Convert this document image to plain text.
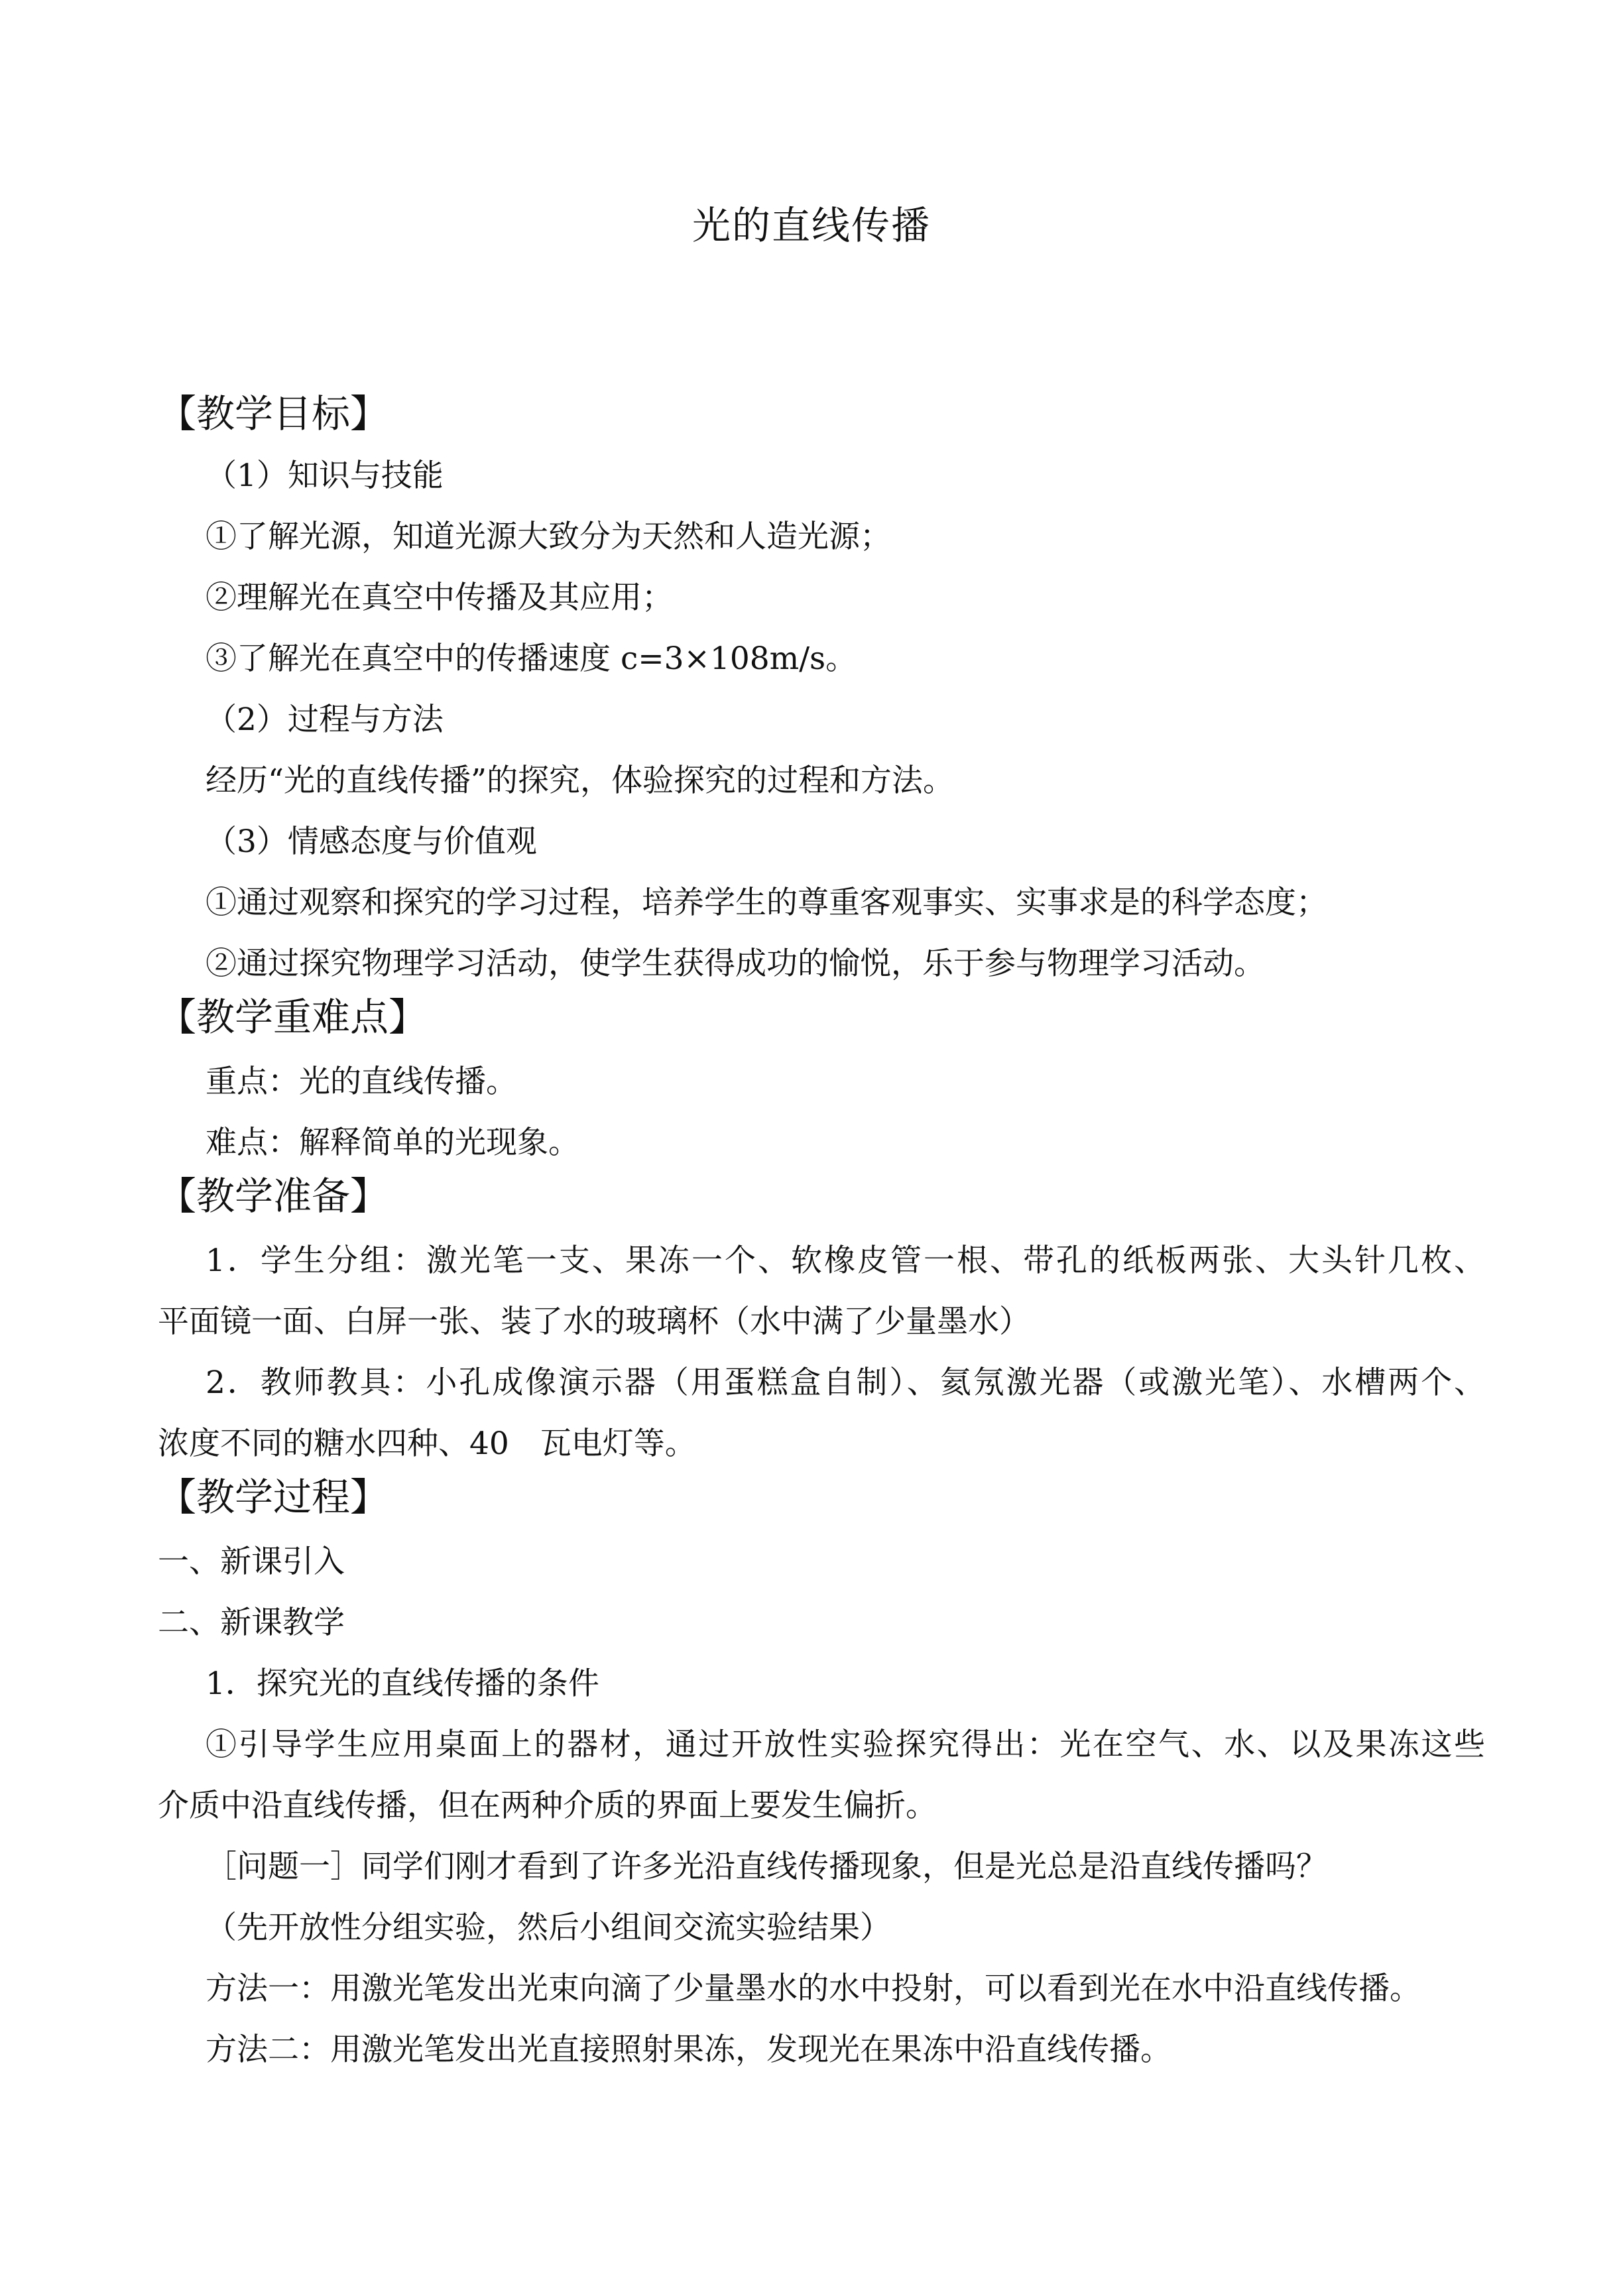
光的直线传播
【教学目标】
（1）知识与技能
①了解光源，知道光源大致分为天然和人造光源；
②理解光在真空中传播及其应用；
③了解光在真空中的传播速度 c=3×108m/s。
（2）过程与方法
经历“光的直线传播”的探究，体验探究的过程和方法。
（3）情感态度与价值观
①通过观察和探究的学习过程，培养学生的尊重客观事实、实事求是的科学态度；
②通过探究物理学习活动，使学生获得成功的愉悦，乐于参与物理学习活动。
【教学重难点】
重点：光的直线传播。
难点：解释简单的光现象。
【教学准备】
1．学生分组：激光笔一支、果冻一个、软橡皮管一根、带孔的纸板两张、大头针几枚、
平面镜一面、白屏一张、装了水的玻璃杯（水中满了少量墨水）
2．教师教具：小孔成像演示器（用蛋糕盒自制）、氦氖激光器（或激光笔）、水槽两个、
浓度不同的糖水四种、40　瓦电灯等。
【教学过程】
一、新课引入
二、新课教学
1．探究光的直线传播的条件
①引导学生应用桌面上的器材，通过开放性实验探究得出：光在空气、水、以及果冻这些
介质中沿直线传播，但在两种介质的界面上要发生偏折。
［问题一］同学们刚才看到了许多光沿直线传播现象，但是光总是沿直线传播吗？
（先开放性分组实验，然后小组间交流实验结果）
方法一：用激光笔发出光束向滴了少量墨水的水中投射，可以看到光在水中沿直线传播。
方法二：用激光笔发出光直接照射果冻，发现光在果冻中沿直线传播。
